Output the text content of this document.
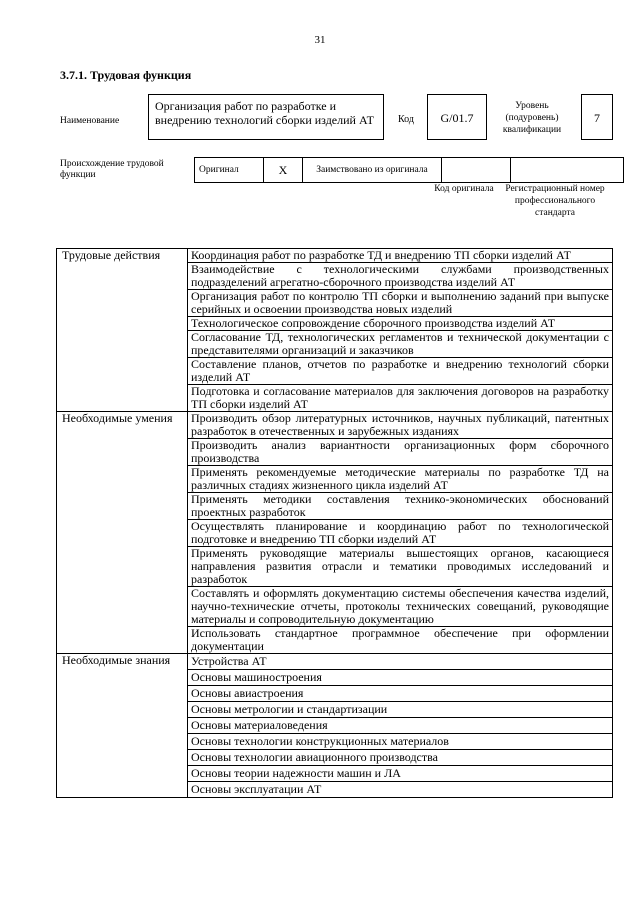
31
3.7.1. Трудовая функция
Наименование
Организация работ по разработке и внедрению технологий сборки изделий АТ	Код	G/01.7
Уровень (подуровень) квалификации
7
Происхождение трудовой функции
Оригинал	X	Заимствовано из оригинала		
Код оригинала	Регистрационный номер профессионального стандарта
Трудовые действия	Координация работ по разработке ТД и внедрению ТП сборки изделий АТ
	Взаимодействие с технологическими службами производственных подразделений агрегатно-сборочного производства изделий АТ
	Организация работ по контролю ТП сборки и выполнению заданий при выпуске серийных и освоении производства новых изделий
	Технологическое сопровождение сборочного производства изделий АТ
	Согласование ТД, технологических регламентов и технической документации с представителями организаций и заказчиков
	Составление планов, отчетов по разработке и внедрению технологий сборки изделий АТ
	Подготовка и согласование материалов для заключения договоров на разработку ТП сборки изделий АТ
Необходимые умения	Производить обзор литературных источников, научных публикаций, патентных разработок в отечественных и зарубежных изданиях
	Производить анализ вариантности организационных форм сборочного производства
	Применять рекомендуемые методические материалы по разработке ТД на различных стадиях жизненного цикла изделий АТ
	Применять методики составления технико-экономических обоснований проектных разработок
	Осуществлять планирование и координацию работ по технологической подготовке и внедрению ТП сборки изделий АТ
	Применять руководящие материалы вышестоящих органов, касающиеся направления развития отрасли и тематики проводимых исследований и разработок
	Составлять и оформлять документацию системы обеспечения качества изделий, научно-технические отчеты, протоколы технических совещаний, руководящие материалы и сопроводительную документацию
	Использовать стандартное программное обеспечение при оформлении документации
Необходимые знания	Устройства АТ
	Основы машиностроения
	Основы авиастроения
	Основы метрологии и стандартизации
	Основы материаловедения
	Основы технологии конструкционных материалов
	Основы технологии авиационного производства
	Основы теории надежности машин и ЛА
	Основы эксплуатации АТ
